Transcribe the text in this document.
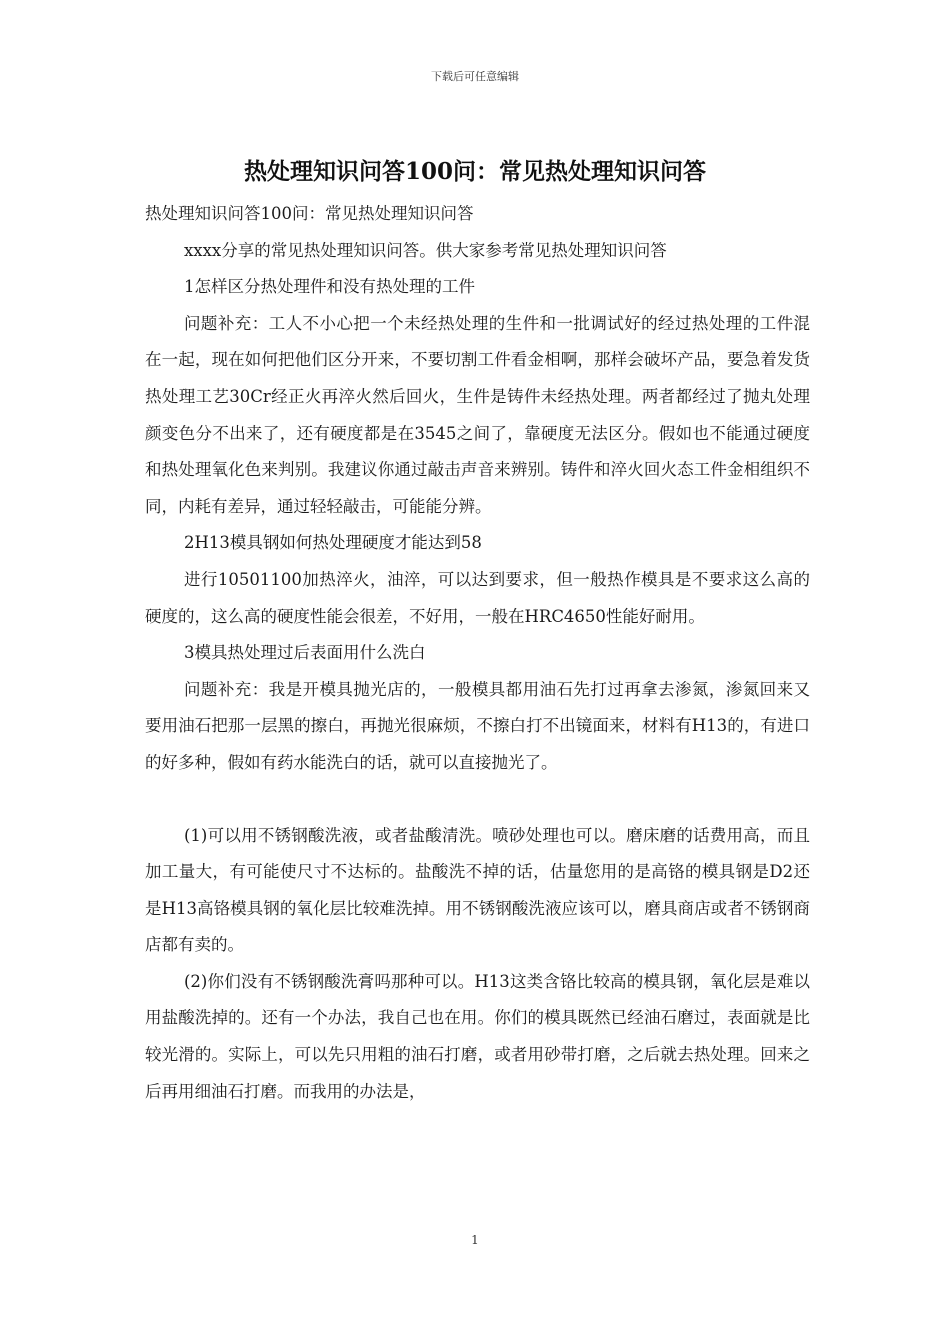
下载后可任意编辑
热处理知识问答100问：常见热处理知识问答

热处理知识问答100问：常见热处理知识问答

xxxx分享的常见热处理知识问答。供大家参考常见热处理知识问答

1怎样区分热处理件和没有热处理的工件

问题补充：工人不小心把一个未经热处理的生件和一批调试好的经过热处理的工件混在一起，现在如何把他们区分开来，不要切割工件看金相啊，那样会破坏产品，要急着发货热处理工艺30Cr经正火再淬火然后回火，生件是铸件未经热处理。两者都经过了抛丸处理颜变色分不出来了，还有硬度都是在3545之间了，靠硬度无法区分。假如也不能通过硬度和热处理氧化色来判别。我建议你通过敲击声音来辨别。铸件和淬火回火态工件金相组织不同，内耗有差异，通过轻轻敲击，可能能分辨。

2H13模具钢如何热处理硬度才能达到58

进行10501100加热淬火，油淬，可以达到要求，但一般热作模具是不要求这么高的硬度的，这么高的硬度性能会很差，不好用，一般在HRC4650性能好耐用。

3模具热处理过后表面用什么洗白

问题补充：我是开模具抛光店的，一般模具都用油石先打过再拿去渗氮，渗氮回来又要用油石把那一层黑的擦白，再抛光很麻烦，不擦白打不出镜面来，材料有H13的，有进口的好多种，假如有药水能洗白的话，就可以直接抛光了。

(1)可以用不锈钢酸洗液，或者盐酸清洗。喷砂处理也可以。磨床磨的话费用高，而且加工量大，有可能使尺寸不达标的。盐酸洗不掉的话，估量您用的是高铬的模具钢是D2还是H13高铬模具钢的氧化层比较难洗掉。用不锈钢酸洗液应该可以，磨具商店或者不锈钢商店都有卖的。

(2)你们没有不锈钢酸洗膏吗那种可以。H13这类含铬比较高的模具钢，氧化层是难以用盐酸洗掉的。还有一个办法，我自己也在用。你们的模具既然已经油石磨过，表面就是比较光滑的。实际上，可以先只用粗的油石打磨，或者用砂带打磨，之后就去热处理。回来之后再用细油石打磨。而我用的办法是，

1
